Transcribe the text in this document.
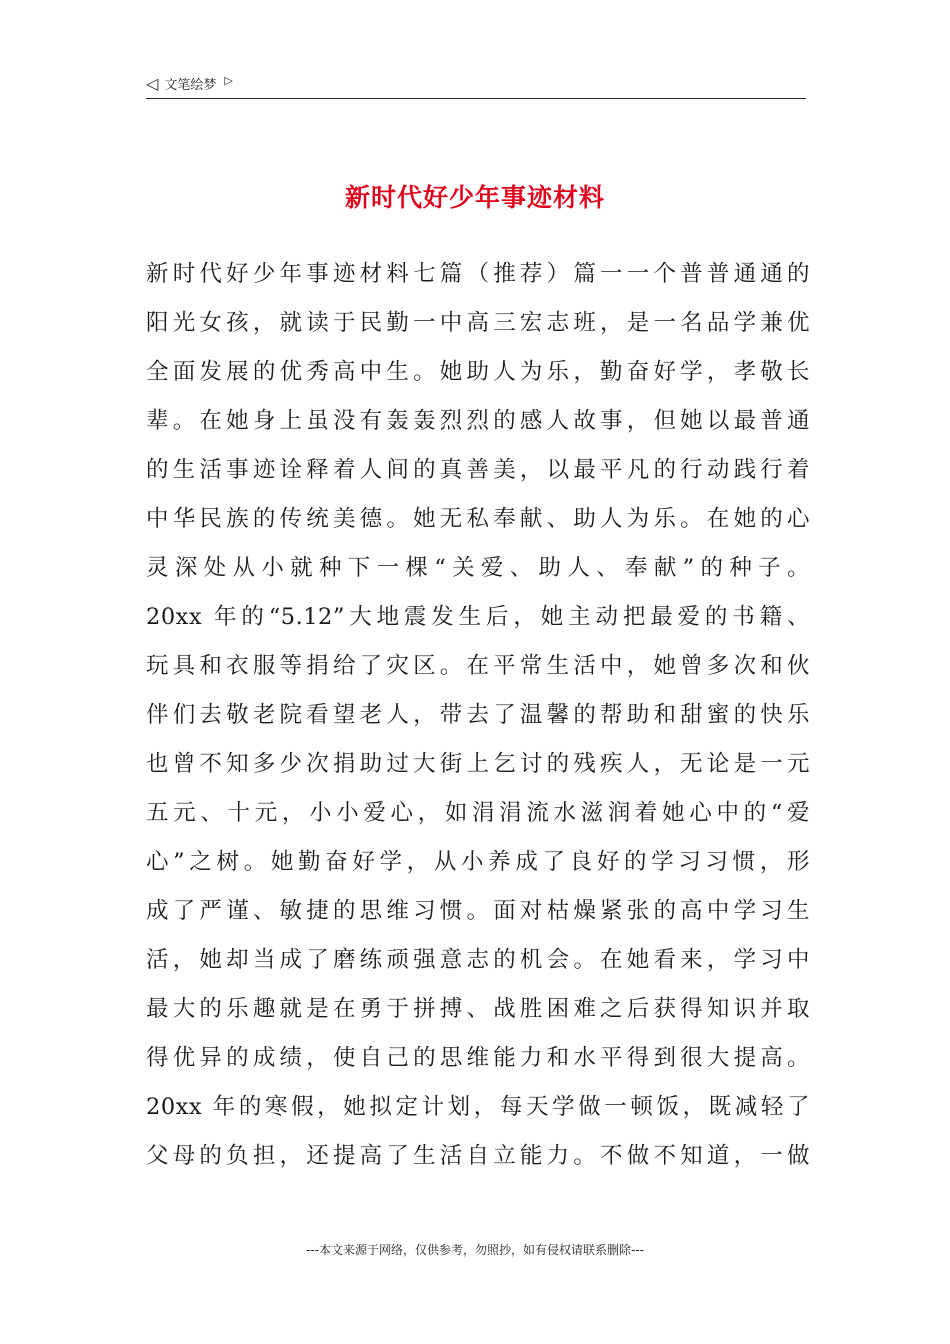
◁ 文笔绘梦 ▷
新时代好少年事迹材料
新时代好少年事迹材料七篇（推荐）篇一一个普普通通的
阳光女孩，就读于民勤一中高三宏志班，是一名品学兼优
全面发展的优秀高中生。她助人为乐，勤奋好学，孝敬长
辈。在她身上虽没有轰轰烈烈的感人故事，但她以最普通
的生活事迹诠释着人间的真善美，以最平凡的行动践行着
中华民族的传统美德。她无私奉献、助人为乐。在她的心
灵深处从小就种下一棵“关爱、助人、奉献”的种子。
20xx 年的“5.12”大地震发生后，她主动把最爱的书籍、
玩具和衣服等捐给了灾区。在平常生活中，她曾多次和伙
伴们去敬老院看望老人，带去了温馨的帮助和甜蜜的快乐
也曾不知多少次捐助过大街上乞讨的残疾人，无论是一元
五元、十元，小小爱心，如涓涓流水滋润着她心中的“爱
心”之树。她勤奋好学，从小养成了良好的学习习惯，形
成了严谨、敏捷的思维习惯。面对枯燥紧张的高中学习生
活，她却当成了磨练顽强意志的机会。在她看来，学习中
最大的乐趣就是在勇于拼搏、战胜困难之后获得知识并取
得优异的成绩，使自己的思维能力和水平得到很大提高。
20xx 年的寒假，她拟定计划，每天学做一顿饭，既减轻了
父母的负担，还提高了生活自立能力。不做不知道，一做
---本文来源于网络，仅供参考，勿照抄，如有侵权请联系删除---
